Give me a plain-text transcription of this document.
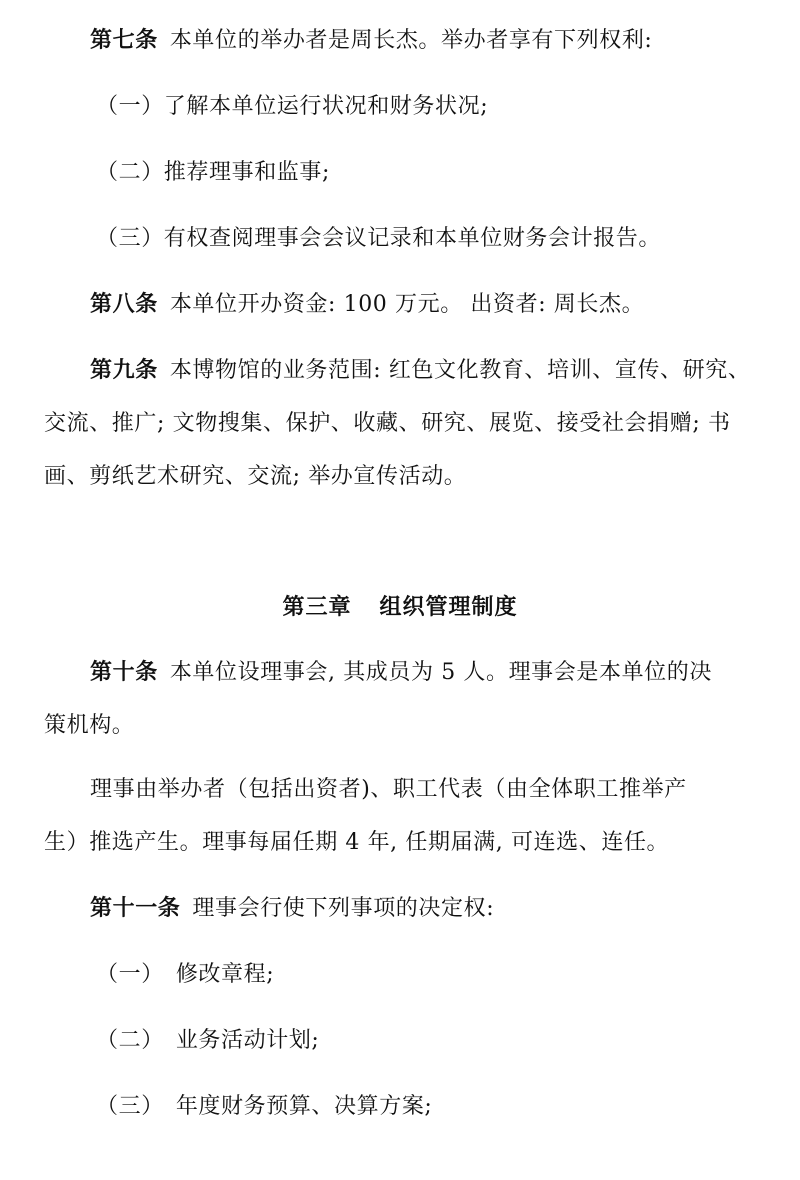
第七条 本单位的举办者是周长杰。举办者享有下列权利:
（一）了解本单位运行状况和财务状况;
（二）推荐理事和监事;
（三）有权查阅理事会会议记录和本单位财务会计报告。
第八条 本单位开办资金: 100 万元。 出资者: 周长杰。
第九条 本博物馆的业务范围: 红色文化教育、培训、宣传、研究、
交流、推广; 文物搜集、保护、收藏、研究、展览、接受社会捐赠; 书
画、剪纸艺术研究、交流; 举办宣传活动。
第三章 组织管理制度
第十条 本单位设理事会, 其成员为 5 人。理事会是本单位的决
策机构。
理事由举办者（包括出资者)、职工代表（由全体职工推举产
生）推选产生。理事每届任期 4 年, 任期届满, 可连选、连任。
第十一条 理事会行使下列事项的决定权:
（一） 修改章程;
（二） 业务活动计划;
（三） 年度财务预算、决算方案;
